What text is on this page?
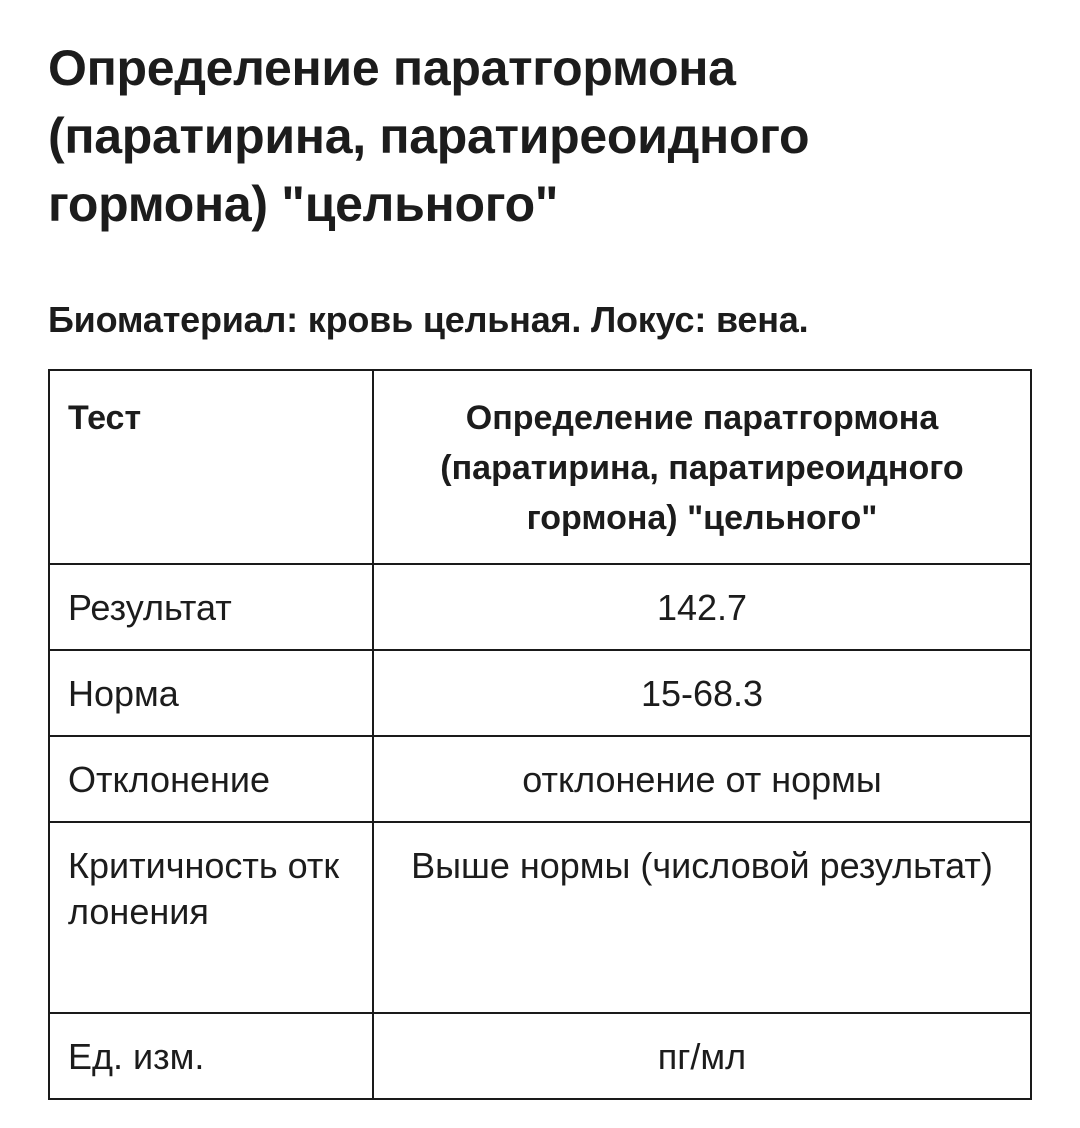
Определение паратгормона (паратирина, паратиреоидного гормона) "цельного"

Биоматериал: кровь цельная. Локус: вена.

Тест	Определение паратгормона (паратирина, паратиреоидного гормона) "цельного"
Результат	142.7
Норма	15-68.3
Отклонение	отклонение от нормы
Критичность отклонения	Выше нормы (числовой результат)
Ед. изм.	пг/мл
